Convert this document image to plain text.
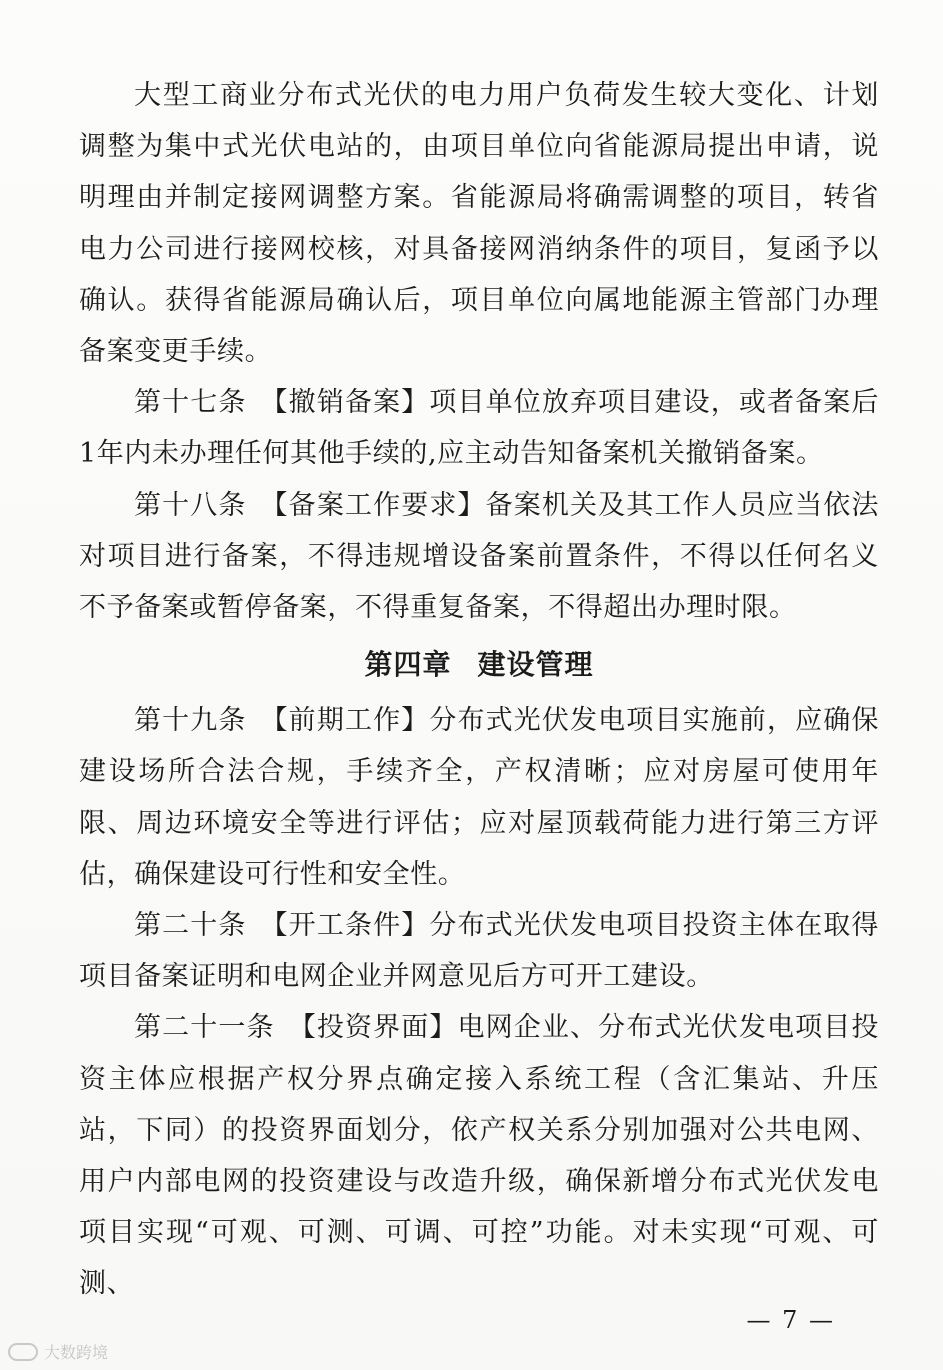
大型工商业分布式光伏的电力用户负荷发生较大变化、计划调整为集中式光伏电站的，由项目单位向省能源局提出申请，说明理由并制定接网调整方案。省能源局将确需调整的项目，转省电力公司进行接网校核，对具备接网消纳条件的项目，复函予以确认。获得省能源局确认后，项目单位向属地能源主管部门办理备案变更手续。

第十七条 【撤销备案】项目单位放弃项目建设，或者备案后1年内未办理任何其他手续的,应主动告知备案机关撤销备案。

第十八条 【备案工作要求】备案机关及其工作人员应当依法对项目进行备案，不得违规增设备案前置条件，不得以任何名义不予备案或暂停备案，不得重复备案，不得超出办理时限。

第四章 建设管理

第十九条 【前期工作】分布式光伏发电项目实施前，应确保建设场所合法合规，手续齐全，产权清晰；应对房屋可使用年限、周边环境安全等进行评估；应对屋顶载荷能力进行第三方评估，确保建设可行性和安全性。

第二十条 【开工条件】分布式光伏发电项目投资主体在取得项目备案证明和电网企业并网意见后方可开工建设。

第二十一条 【投资界面】电网企业、分布式光伏发电项目投资主体应根据产权分界点确定接入系统工程（含汇集站、升压站，下同）的投资界面划分，依产权关系分别加强对公共电网、用户内部电网的投资建设与改造升级，确保新增分布式光伏发电项目实现“可观、可测、可调、可控”功能。对未实现“可观、可测、

— 7 —
大数跨境
